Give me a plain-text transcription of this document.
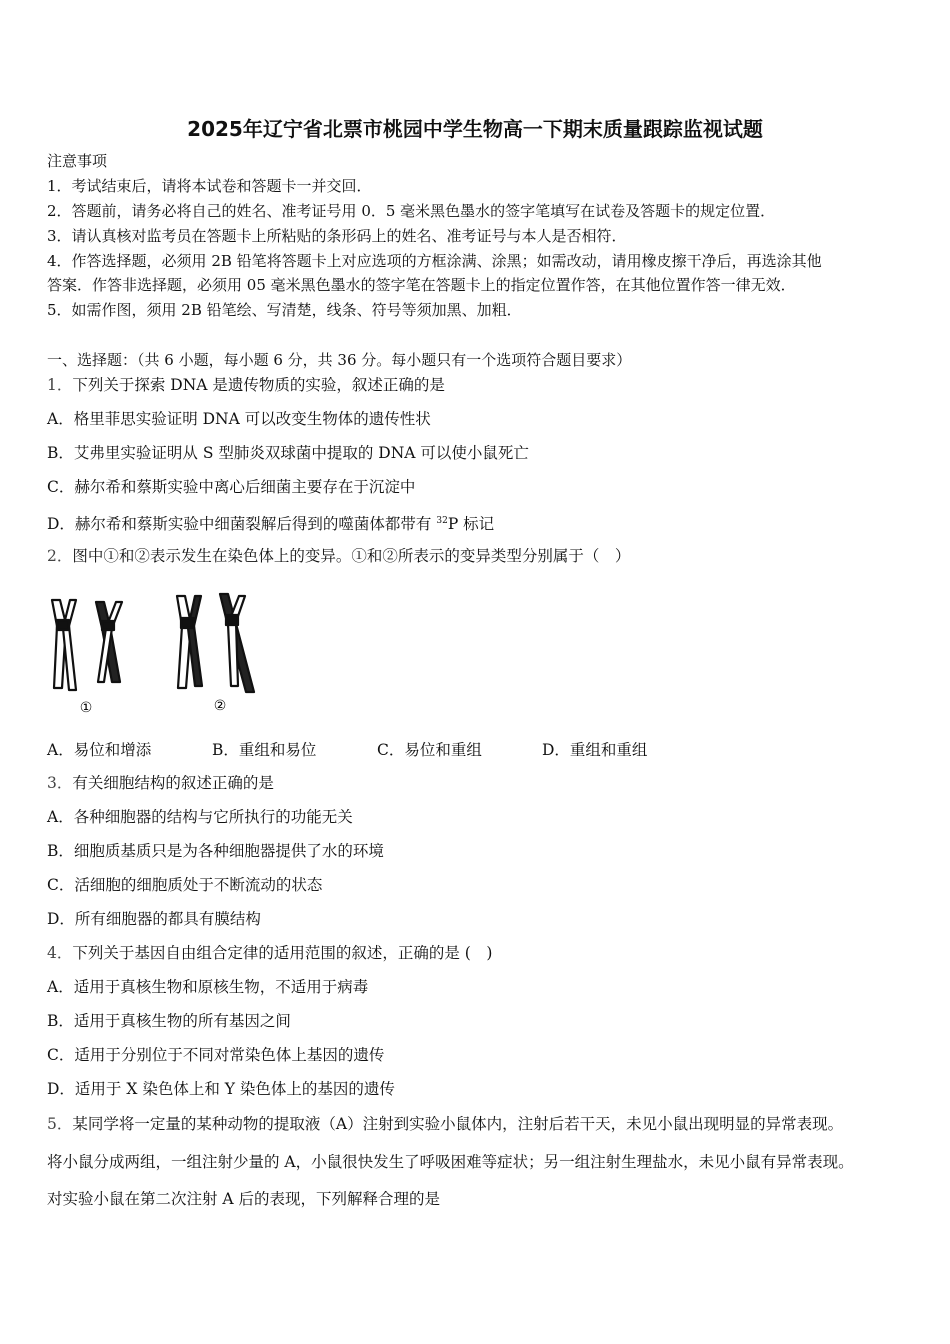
2025年辽宁省北票市桃园中学生物高一下期末质量跟踪监视试题
注意事项
1．考试结束后，请将本试卷和答题卡一并交回．
2．答题前，请务必将自己的姓名、准考证号用 0．5 毫米黑色墨水的签字笔填写在试卷及答题卡的规定位置．
3．请认真核对监考员在答题卡上所粘贴的条形码上的姓名、准考证号与本人是否相符．
4．作答选择题，必须用 2B 铅笔将答题卡上对应选项的方框涂满、涂黑；如需改动，请用橡皮擦干净后，再选涂其他
答案．作答非选择题，必须用 05 毫米黑色墨水的签字笔在答题卡上的指定位置作答，在其他位置作答一律无效．
5．如需作图，须用 2B 铅笔绘、写清楚，线条、符号等须加黑、加粗．
一、选择题：（共 6 小题，每小题 6 分，共 36 分。每小题只有一个选项符合题目要求）
1．下列关于探索 DNA 是遗传物质的实验，叙述正确的是
A．格里菲思实验证明 DNA 可以改变生物体的遗传性状
B．艾弗里实验证明从 S 型肺炎双球菌中提取的 DNA 可以使小鼠死亡
C．赫尔希和蔡斯实验中离心后细菌主要存在于沉淀中
D．赫尔希和蔡斯实验中细菌裂解后得到的噬菌体都带有 $^{32}$P 标记
2．图中①和②表示发生在染色体上的变异。①和②所表示的变异类型分别属于（　）
①	②
A．易位和增添	B．重组和易位	C．易位和重组	D．重组和重组
3．有关细胞结构的叙述正确的是
A．各种细胞器的结构与它所执行的功能无关
B．细胞质基质只是为各种细胞器提供了水的环境
C．活细胞的细胞质处于不断流动的状态
D．所有细胞器的都具有膜结构
4．下列关于基因自由组合定律的适用范围的叙述，正确的是 (　)
A．适用于真核生物和原核生物，不适用于病毒
B．适用于真核生物的所有基因之间
C．适用于分别位于不同对常染色体上基因的遗传
D．适用于 X 染色体上和 Y 染色体上的基因的遗传
5．某同学将一定量的某种动物的提取液（A）注射到实验小鼠体内，注射后若干天，未见小鼠出现明显的异常表现。
将小鼠分成两组，一组注射少量的 A，小鼠很快发生了呼吸困难等症状；另一组注射生理盐水，未见小鼠有异常表现。
对实验小鼠在第二次注射 A 后的表现，下列解释合理的是
